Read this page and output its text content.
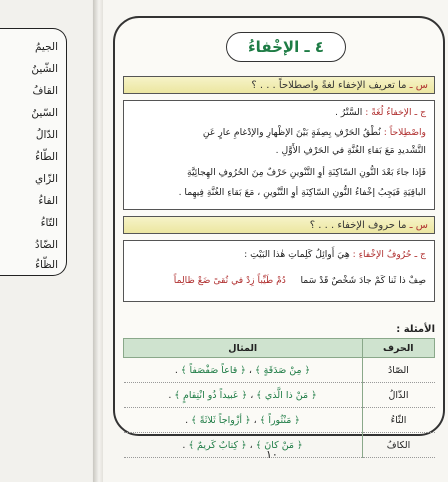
الجيمُ
الشّينُ
القافُ
السّينُ
الدّالُ
الطّاءُ
الزّاي
الفاءُ
التّاءُ
الضّادُ
الظّاءُ
٤ ـ الإخْفاءُ
س ـ ما تعريف الإخفاء لغةً واصطلاحاً . . . ؟
ج ـ الإخفاءُ لُغَةً : السَّتْرُ .
واصْطِلاحاً : نُطْقُ الحَرْفِ بِصِفَةٍ بَيْنَ الإظْهارِ والإدْغامِ عارٍ عَنِ
التَّشْديدِ مَعَ بَقاءِ الغُنَّةِ في الحَرْفِ الأَوَّلِ .
فَإذا جاءَ بَعْدَ النُّونِ السّاكِنَةِ أوِ التَّنْوينِ حَرْفٌ مِنَ الحُرُوفِ الهِجائِيَّةِ
الباقِيَةِ فَيَجِبُ إخْفاءُ النُّونِ السّاكِنَةِ أوِ التَّنْوينِ ، مَعَ بَقاءِ الغُنَّةِ فِيهِما .
س ـ ما حروف الإخفاء . . . ؟
ج ـ حُرُوفُ الإخْفاءِ : هِيَ أَوائِلُ كَلِماتِ هٰذا البَيْتِ :
صِفْ ذا ثَنا كَمْ جادَ شَخْصٌ قَدْ سَما     دُمْ طَيِّباً زِدْ في تُقىً ضَعْ ظالِماً
الأمثلة :
الحرف	المثال
الصّادُ	﴿ مِنْ صَدَقَةٍ ﴾ ، ﴿ قاعاً صَفْصَفاً ﴾ .
الذّالُ	﴿ مَنْ ذا الَّذي ﴾ ، ﴿ عَبيداً ذُو انْتِقامٍ ﴾ .
الثّاءُ	﴿ مَنْثُوراً ﴾ ، ﴿ أزْواجاً ثَلاثَةً ﴾ .
الكافُ	﴿ مَنْ كانَ ﴾ ، ﴿ كِتابٌ كَريمٌ ﴾ .
١٠
